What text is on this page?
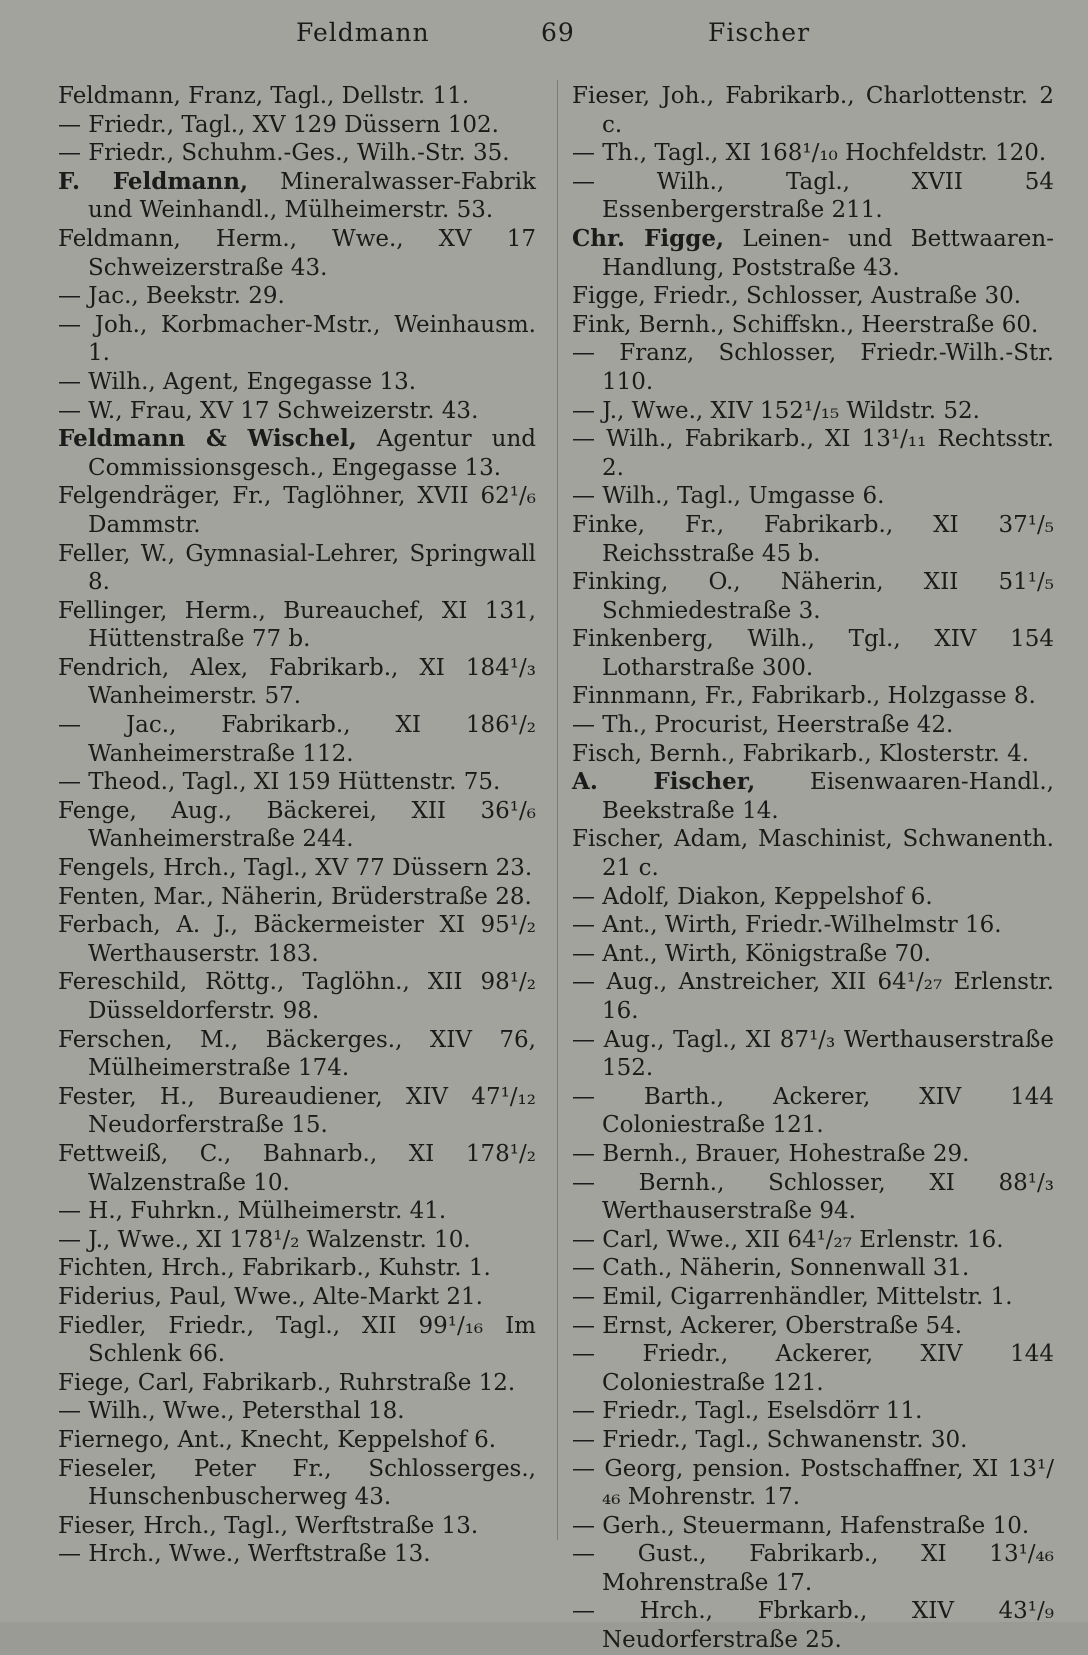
Feldmann	69	Fischer

Feldmann, Franz, Tagl., Dellstr. 11.

— Friedr., Tagl., XV 129 Düssern 102.

— Friedr., Schuhm.-Ges., Wilh.-Str. 35.

F. Feldmann, Mineralwasser-Fabrik und Weinhandl., Mülheimerstr. 53.

Feldmann, Herm., Wwe., XV 17 Schweizerstraße 43.

— Jac., Beekstr. 29.

— Joh., Korbmacher-Mstr., Weinhausm. 1.

— Wilh., Agent, Engegasse 13.

— W., Frau, XV 17 Schweizerstr. 43.

Feldmann & Wischel, Agentur und Commissionsgesch., Engegasse 13.

Felgendräger, Fr., Taglöhner, XVII 62¹/₆ Dammstr.

Feller, W., Gymnasial-Lehrer, Springwall 8.

Fellinger, Herm., Bureauchef, XI 131, Hüttenstraße 77 b.

Fendrich, Alex, Fabrikarb., XI 184¹/₃ Wanheimerstr. 57.

— Jac., Fabrikarb., XI 186¹/₂ Wanheimerstraße 112.

— Theod., Tagl., XI 159 Hüttenstr. 75.

Fenge, Aug., Bäckerei, XII 36¹/₆ Wanheimerstraße 244.

Fengels, Hrch., Tagl., XV 77 Düssern 23.

Fenten, Mar., Näherin, Brüderstraße 28.

Ferbach, A. J., Bäckermeister XI 95¹/₂ Werthauserstr. 183.

Fereschild, Röttg., Taglöhn., XII 98¹/₂ Düsseldorferstr. 98.

Ferschen, M., Bäckerges., XIV 76, Mülheimerstraße 174.

Fester, H., Bureaudiener, XIV 47¹/₁₂ Neudorferstraße 15.

Fettweiß, C., Bahnarb., XI 178¹/₂ Walzenstraße 10.

— H., Fuhrkn., Mülheimerstr. 41.

— J., Wwe., XI 178¹/₂ Walzenstr. 10.

Fichten, Hrch., Fabrikarb., Kuhstr. 1.

Fiderius, Paul, Wwe., Alte-Markt 21.

Fiedler, Friedr., Tagl., XII 99¹/₁₆ Im Schlenk 66.

Fiege, Carl, Fabrikarb., Ruhrstraße 12.

— Wilh., Wwe., Petersthal 18.

Fiernego, Ant., Knecht, Keppelshof 6.

Fieseler, Peter Fr., Schlosserges., Hunschenbuscherweg 43.

Fieser, Hrch., Tagl., Werftstraße 13.

— Hrch., Wwe., Werftstraße 13.

Fieser, Joh., Fabrikarb., Charlottenstr. 2 c.

— Th., Tagl., XI 168¹/₁₀ Hochfeldstr. 120.

— Wilh., Tagl., XVII 54 Essenbergerstraße 211.

Chr. Figge, Leinen- und Bettwaaren-Handlung, Poststraße 43.

Figge, Friedr., Schlosser, Austraße 30.

Fink, Bernh., Schiffskn., Heerstraße 60.

— Franz, Schlosser, Friedr.-Wilh.-Str. 110.

— J., Wwe., XIV 152¹/₁₅ Wildstr. 52.

— Wilh., Fabrikarb., XI 13¹/₁₁ Rechtsstr. 2.

— Wilh., Tagl., Umgasse 6.

Finke, Fr., Fabrikarb., XI 37¹/₅ Reichsstraße 45 b.

Finking, O., Näherin, XII 51¹/₅ Schmiedestraße 3.

Finkenberg, Wilh., Tgl., XIV 154 Lotharstraße 300.

Finnmann, Fr., Fabrikarb., Holzgasse 8.

— Th., Procurist, Heerstraße 42.

Fisch, Bernh., Fabrikarb., Klosterstr. 4.

A. Fischer, Eisenwaaren-Handl., Beekstraße 14.

Fischer, Adam, Maschinist, Schwanenth. 21 c.

— Adolf, Diakon, Keppelshof 6.

— Ant., Wirth, Friedr.-Wilhelmstr 16.

— Ant., Wirth, Königstraße 70.

— Aug., Anstreicher, XII 64¹/₂₇ Erlenstr. 16.

— Aug., Tagl., XI 87¹/₃ Werthauserstraße 152.

— Barth., Ackerer, XIV 144 Coloniestraße 121.

— Bernh., Brauer, Hohestraße 29.

— Bernh., Schlosser, XI 88¹/₃ Werthauserstraße 94.

— Carl, Wwe., XII 64¹/₂₇ Erlenstr. 16.

— Cath., Näherin, Sonnenwall 31.

— Emil, Cigarrenhändler, Mittelstr. 1.

— Ernst, Ackerer, Oberstraße 54.

— Friedr., Ackerer, XIV 144 Coloniestraße 121.

— Friedr., Tagl., Eselsdörr 11.

— Friedr., Tagl., Schwanenstr. 30.

— Georg, pension. Postschaffner, XI 13¹/₄₆ Mohrenstr. 17.

— Gerh., Steuermann, Hafenstraße 10.

— Gust., Fabrikarb., XI 13¹/₄₆ Mohrenstraße 17.

— Hrch., Fbrkarb., XIV 43¹/₉ Neudorferstraße 25.
